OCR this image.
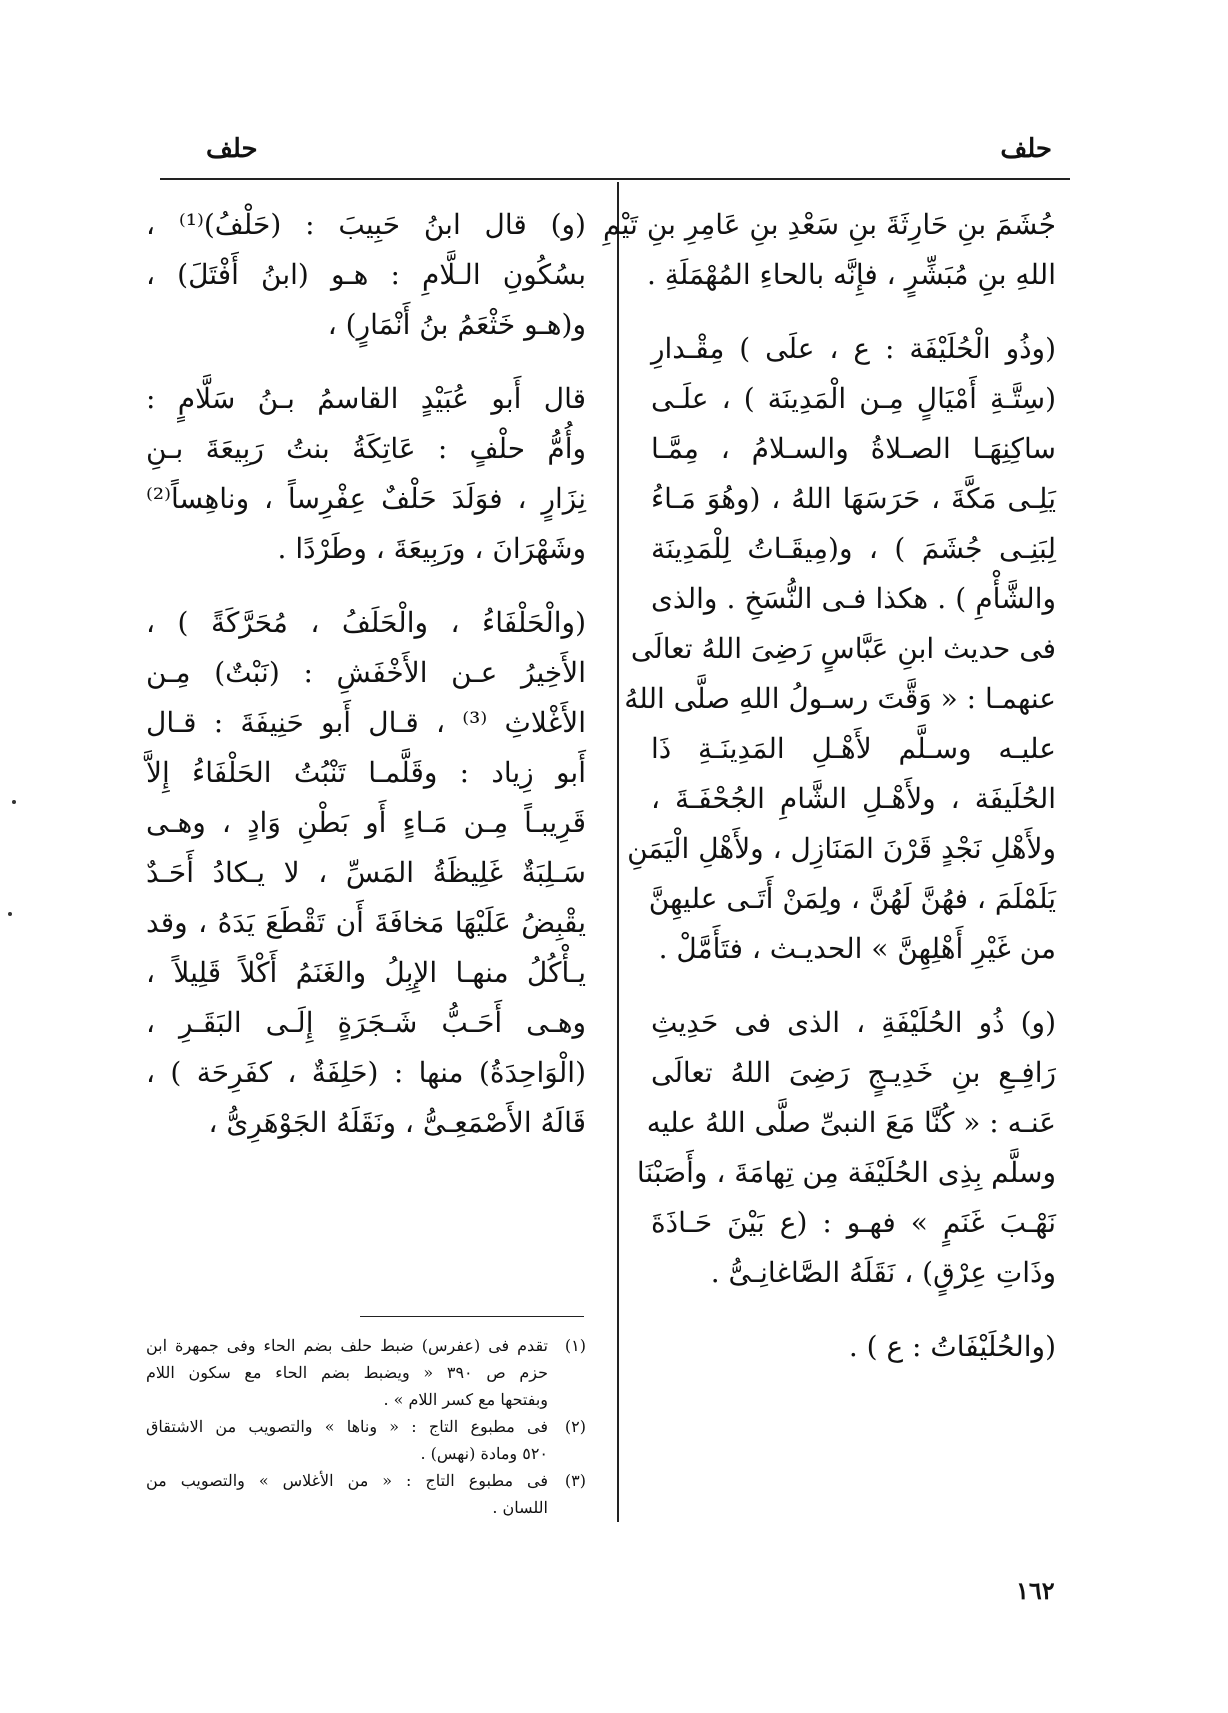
حلف
حلف
جُشَمَ بنِ حَارِثَةَ بنِ سَعْدِ بنِ عَامِرِ بنِ تَيْمِ
اللهِ بنِ مُبَشِّرٍ ، فإِنَّه بالحاءِ المُهْمَلَةِ .
(وذُو الْحُلَيْفَة : ع ، علَى ) مِقْـدارِ
(سِتَّـةِ أَمْيَالٍ مِـن الْمَدِينَة ) ، علَـى
ساكِنِهَـا الصـلاةُ والسـلامُ ، مِمَّـا
يَلِـى مَكَّةَ ، حَرَسَهَا اللهُ ، (وهُوَ مَـاءُ
لِبَنِـى جُشَمَ ) ، و(مِيقَـاتُ لِلْمَدِينَة
والشَّأْمِ ) . هكذا فـى النُّسَخِ . والذى
فى حديث ابنِ عَبَّاسٍ رَضِىَ اللهُ تعالَى
عنهمـا : « وَقَّتَ رسـولُ اللهِ صلَّى اللهُ
عليـه وسـلَّم لأَهْـلِ المَدِينَـةِ ذَا
الحُلَيفَة ، ولأَهْـلِ الشَّامِ الجُحْفَـةَ ،
ولأَهْلِ نَجْدٍ قَرْنَ المَنَازِل ، ولأَهْلِ الْيَمَنِ
يَلَمْلَمَ ، فهُنَّ لَهُنَّ ، ولِمَنْ أَتَـى عليهِنَّ
من غَيْرِ أَهْلِهِنَّ » الحديـث ، فتَأَمَّلْ .
(و) ذُو الحُلَيْفَةِ ، الذى فى حَدِيثِ
رَافِـعِ بنِ خَدِيـجٍ رَضِىَ اللهُ تعالَى
عَنـه : « كُنَّا مَعَ النبىِّ صلَّى اللهُ عليه
وسلَّم بِذِى الحُلَيْفَة مِن تِهامَةَ ، وأَصَبْنَا
نَهْـبَ غَنَمٍ » فهـو : (ع بَيْنَ حَـاذَةَ
وذَاتِ عِرْقٍ) ، نَقَلَهُ الصَّاغانِـىُّ .
(والحُلَيْفَاتُ : ع ) .
(و) قال ابنُ حَبِيبَ : (حَلْفُ)⁽¹⁾ ،
بسُكُونِ الـلَّامِ : هـو (ابنُ أَفْتَلَ) ،
و(هـو خَثْعَمُ بنُ أَنْمَارٍ) ،
قال أَبو عُبَيْدٍ القاسمُ بـنُ سَلَّامٍ :
وأُمُّ حلْفٍ : عَاتِكَةُ بنتُ رَبِيعَةَ بـنِ
نِزَارٍ ، فوَلَدَ حَلْفٌ عِفْرِساً ، وناهِساً⁽²⁾
وشَهْرَانَ ، ورَبِيعَةَ ، وطَرْدًا .
(والْحَلْفَاءُ ، والْحَلَفُ ، مُحَرَّكَةً ) ،
الأَخِيرُ عـن الأَخْفَشِ : (نَبْتٌ) مِـن
الأَغْلاثِ ⁽³⁾ ، قـال أَبو حَنِيفَةَ : قـال
أَبو زِياد : وقَلَّمـا تَنْبُتُ الحَلْفَاءُ إِلاَّ
قَرِيبـاً مِـن مَـاءٍ أَو بَطْنِ وَادٍ ، وهـى
سَـلِبَةٌ غَلِيظَةُ المَسِّ ، لا يـكادُ أَحَـدٌ
يقْبِضُ عَلَيْهَا مَخافَةَ أَن تَقْطَعَ يَدَهُ ، وقد
يـأْكُلُ منهـا الإِبِلُ والغَنَمُ أَكْلاً قَلِيلاً ،
وهـى أَحَـبُّ شَـجَرَةٍ إِلَـى البَقَـرِ ،
(الْوَاحِدَةُ) منها : (حَلِفَةٌ ، كفَرِحَة ) ،
قَالَهُ الأَصْمَعِـىُّ ، ونَقَلَهُ الجَوْهَرِىُّ ،
(١)تقدم فى (عفرس) ضبط حلف بضم الحاء وفى جمهرة ابن
حزم ص ٣٩٠ « ويضبط بضم الحاء مع سكون اللام
وبفتحها مع كسر اللام » .
(٢)فى مطبوع التاج : « وناها » والتصويب من الاشتقاق
٥٢٠ ومادة (نهس) .
(٣)فى مطبوع التاج : « من الأغلاس » والتصويب من
اللسان .
١٦٢
